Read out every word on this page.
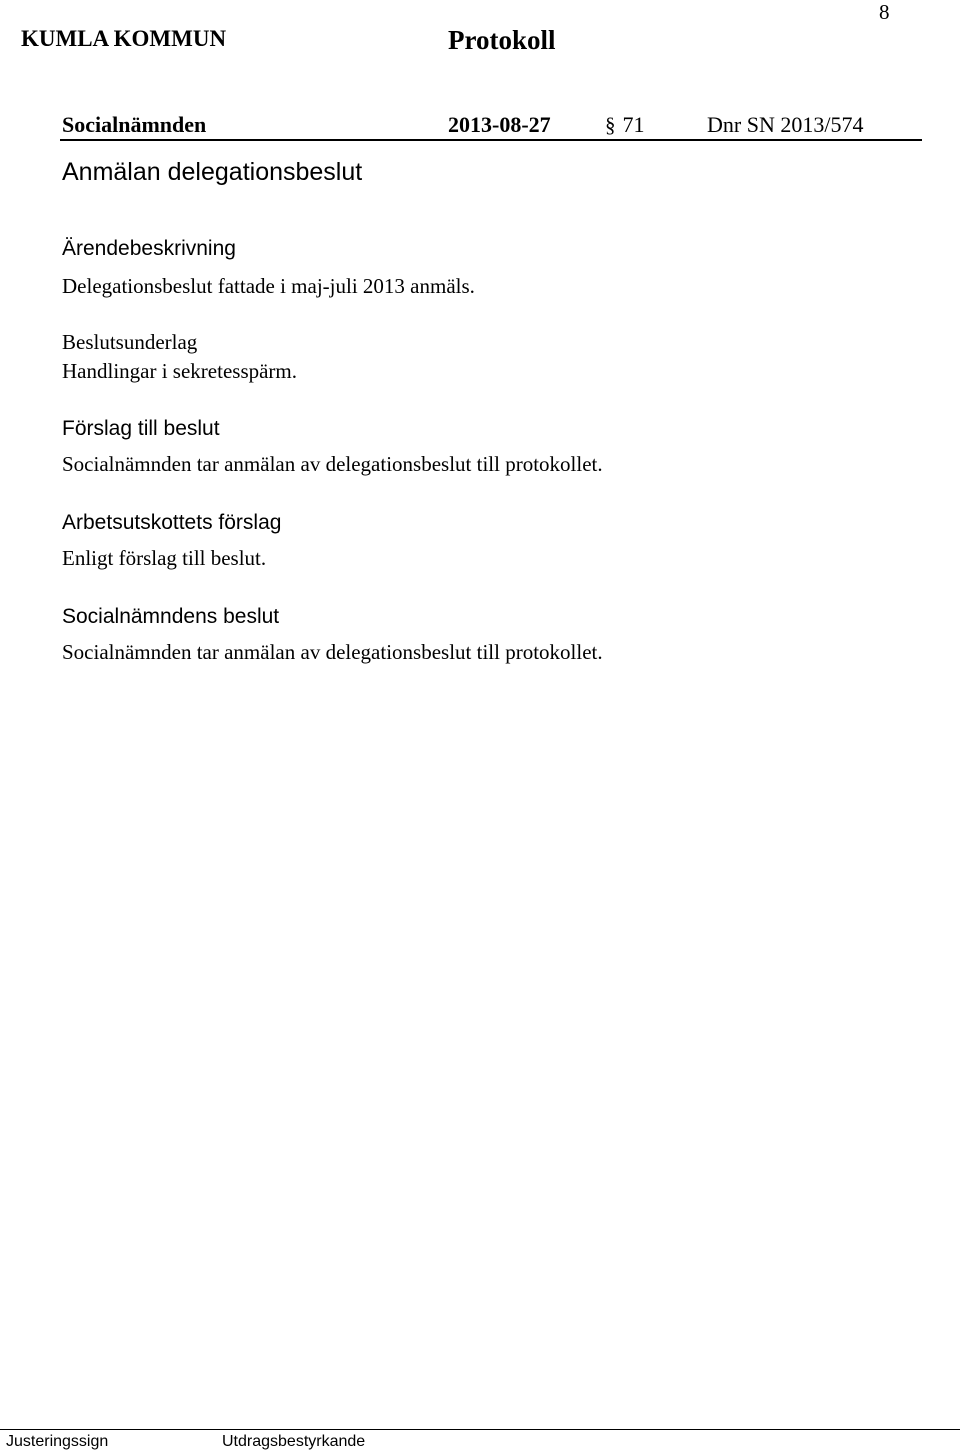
8
KUMLA KOMMUN	Protokoll
Socialnämnden	2013-08-27	§ 71	Dnr SN 2013/574
Anmälan delegationsbeslut
Ärendebeskrivning
Delegationsbeslut fattade i maj-juli 2013 anmäls.
Beslutsunderlag
Handlingar i sekretesspärm.
Förslag till beslut
Socialnämnden tar anmälan av delegationsbeslut till protokollet.
Arbetsutskottets förslag
Enligt förslag till beslut.
Socialnämndens beslut
Socialnämnden tar anmälan av delegationsbeslut till protokollet.
Justeringssign	Utdragsbestyrkande
